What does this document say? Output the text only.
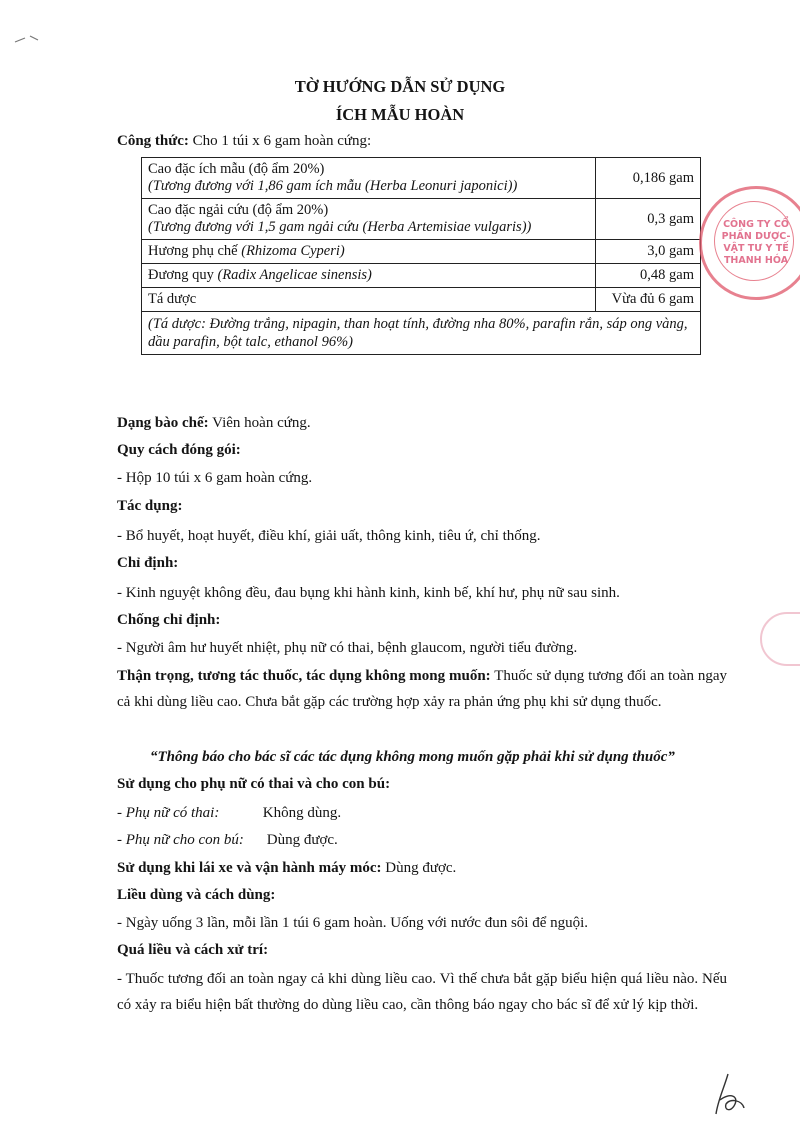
TỜ HƯỚNG DẪN SỬ DỤNG
ÍCH MẪU HOÀN
Công thức: Cho 1 túi x 6 gam hoàn cứng:
Cao đặc ích mẫu (độ ẩm 20%)
(Tương đương với 1,86 gam ích mẫu (Herba Leonuri japonici))	0,186 gam

Cao đặc ngải cứu (độ ẩm 20%)
(Tương đương với 1,5 gam ngải cứu (Herba Artemisiae vulgaris))	0,3 gam
Hương phụ chế (Rhizoma Cyperi)	3,0 gam
Đương quy (Radix Angelicae sinensis)	0,48 gam
Tá dược	Vừa đủ 6 gam
(Tá dược: Đường trắng, nipagin, than hoạt tính, đường nha 80%, parafin rắn, sáp ong vàng, dầu parafin, bột talc, ethanol 96%)	
CÔNG TY CỔ PHẦN DƯỢC-VẬT TƯ Y TẾ THANH HÓA
Dạng bào chế: Viên hoàn cứng.
Quy cách đóng gói:
- Hộp 10 túi x 6 gam hoàn cứng.
Tác dụng:
- Bổ huyết, hoạt huyết, điều khí, giải uất, thông kinh, tiêu ứ, chỉ thống.
Chỉ định:
- Kinh nguyệt không đều, đau bụng khi hành kinh, kinh bế, khí hư, phụ nữ sau sinh.
Chống chỉ định:
- Người âm hư huyết nhiệt, phụ nữ có thai, bệnh glaucom, người tiểu đường.
Thận trọng, tương tác thuốc, tác dụng không mong muốn: Thuốc sử dụng tương đối an toàn ngay cả khi dùng liều cao. Chưa bắt gặp các trường hợp xảy ra phản ứng phụ khi sử dụng thuốc.
“Thông báo cho bác sĩ các tác dụng không mong muốn gặp phải khi sử dụng thuốc”
Sử dụng cho phụ nữ có thai và cho con bú:
- Phụ nữ có thai:	Không dùng.
- Phụ nữ cho con bú: Dùng được.
Sử dụng khi lái xe và vận hành máy móc: Dùng được.
Liều dùng và cách dùng:
- Ngày uống 3 lần, mỗi lần 1 túi 6 gam hoàn. Uống với nước đun sôi để nguội.
Quá liều và cách xử trí:
- Thuốc tương đối an toàn ngay cả khi dùng liều cao. Vì thế chưa bắt gặp biểu hiện quá liều nào. Nếu có xảy ra biểu hiện bất thường do dùng liều cao, cần thông báo ngay cho bác sĩ để xử lý kịp thời.
